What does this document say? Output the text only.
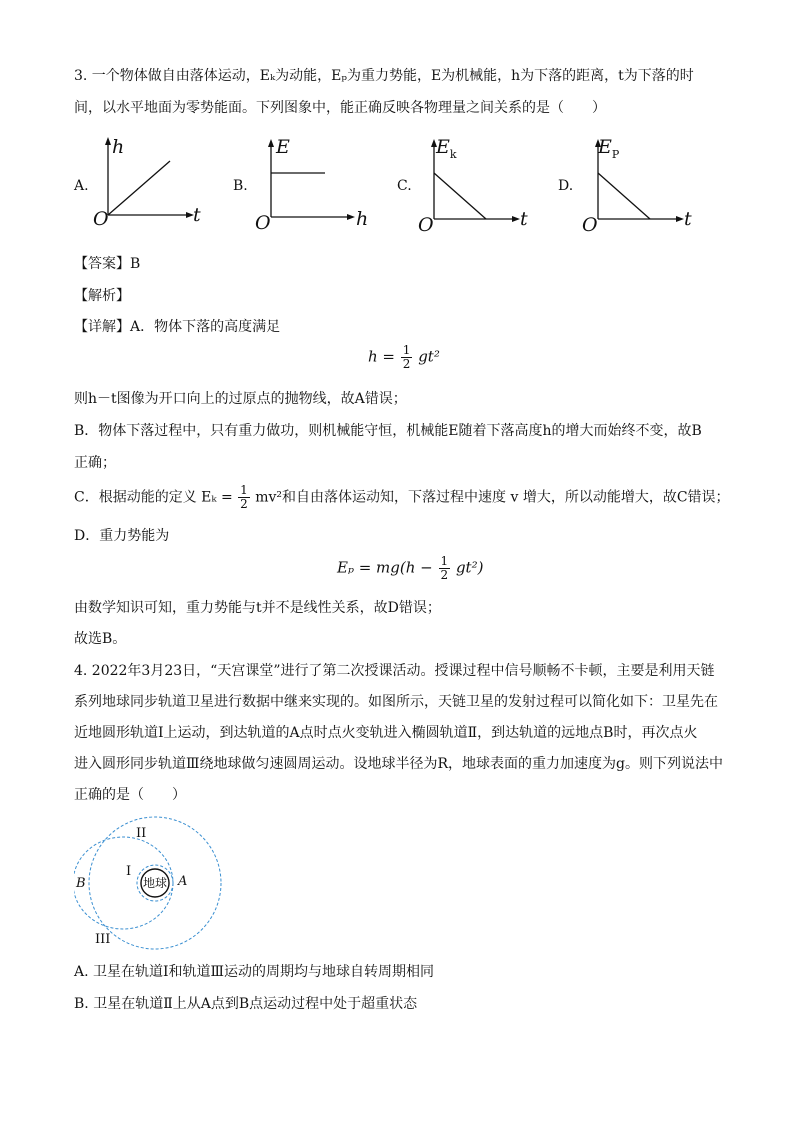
3. 一个物体做自由落体运动，Eₖ为动能，Eₚ为重力势能，E为机械能，h为下落的距离，t为下落的时
间，以水平地面为零势能面。下列图象中，能正确反映各物理量之间关系的是（　　）
A.
h
t
O
B.
E
h
O
C.
$E_k$
t
O
D.
$E_P$
t
O
【答案】B
【解析】
【详解】A．物体下落的高度满足
$h = \frac{1}{2} gt^2$
则h－t图像为开口向上的过原点的抛物线，故A错误；
B．物体下落过程中，只有重力做功，则机械能守恒，机械能E随着下落高度h的增大而始终不变，故B
正确；
C．根据动能的定义 $E_k = \frac{1}{2} mv^2$和自由落体运动知，下落过程中速度 v 增大，所以动能增大，故C错误；
D．重力势能为
$E_p = mg(h - \frac{1}{2} gt^2)$
由数学知识可知，重力势能与t并不是线性关系，故D错误；
故选B。
4. 2022年3月23日，“天宫课堂”进行了第二次授课活动。授课过程中信号顺畅不卡顿，主要是利用天链
系列地球同步轨道卫星进行数据中继来实现的。如图所示，天链卫星的发射过程可以简化如下：卫星先在
近地圆形轨道Ⅰ上运动，到达轨道的A点时点火变轨进入椭圆轨道Ⅱ，到达轨道的远地点B时，再次点火
进入圆形同步轨道Ⅲ绕地球做匀速圆周运动。设地球半径为R，地球表面的重力加速度为g。则下列说法中
正确的是（　　）
地球
I
II
III
A
B
A. 卫星在轨道Ⅰ和轨道Ⅲ运动的周期均与地球自转周期相同
B. 卫星在轨道Ⅱ上从A点到B点运动过程中处于超重状态
